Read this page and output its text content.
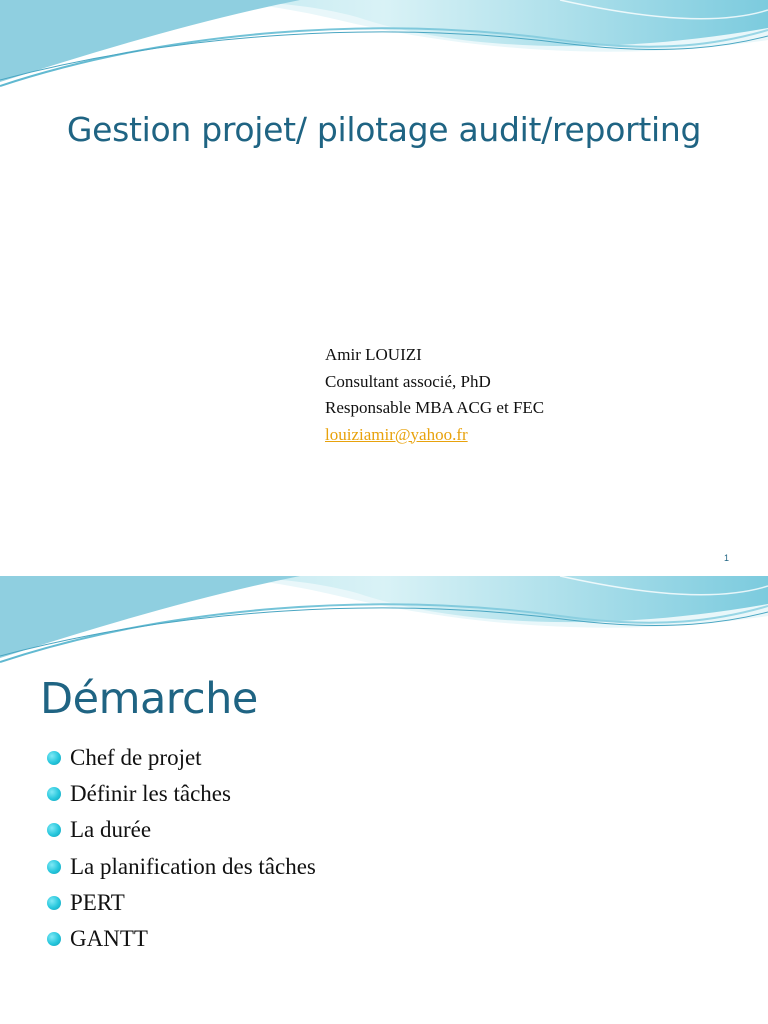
Gestion projet/ pilotage audit/reporting
Amir LOUIZI
Consultant associé, PhD
Responsable MBA ACG et FEC
louiziamir@yahoo.fr
1
Démarche
Chef de projet
Définir les tâches
La durée
La planification des tâches
PERT
GANTT
